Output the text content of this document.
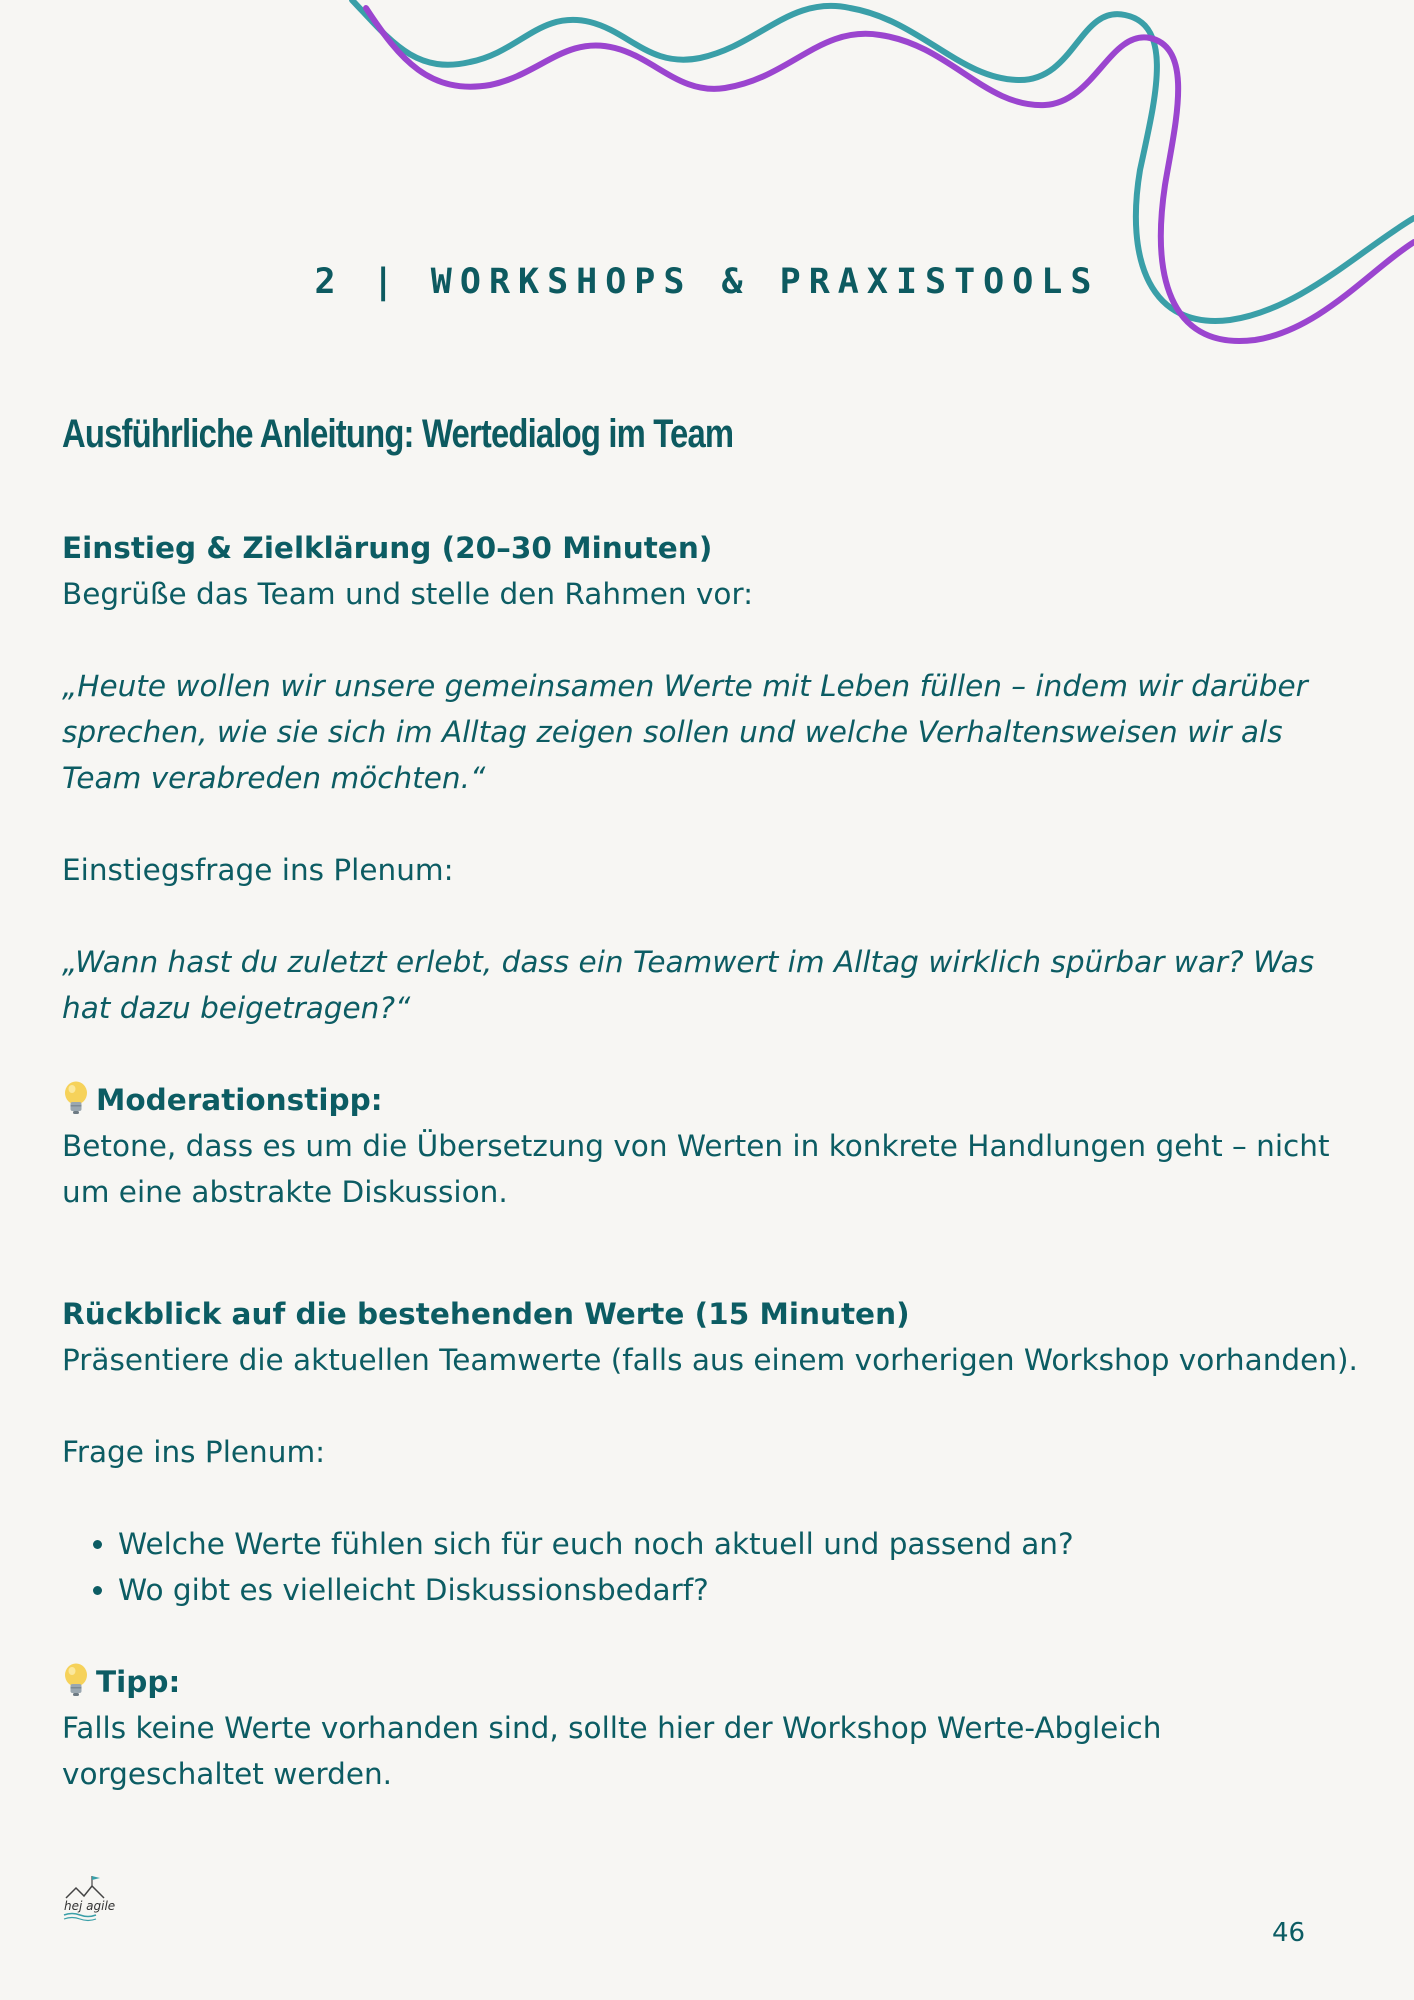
2 | WORKSHOPS & PRAXISTOOLS
Ausführliche Anleitung: Wertedialog im Team

Einstieg & Zielklärung (20–30 Minuten)

Begrüße das Team und stelle den Rahmen vor:

„Heute wollen wir unsere gemeinsamen Werte mit Leben füllen – indem wir darüber sprechen, wie sie sich im Alltag zeigen sollen und welche Verhaltensweisen wir als Team verabreden möchten.“

Einstiegsfrage ins Plenum:

„Wann hast du zuletzt erlebt, dass ein Teamwert im Alltag wirklich spürbar war? Was hat dazu beigetragen?“

Moderationstipp:

Betone, dass es um die Übersetzung von Werten in konkrete Handlungen geht – nicht um eine abstrakte Diskussion.

Rückblick auf die bestehenden Werte (15 Minuten)

Präsentiere die aktuellen Teamwerte (falls aus einem vorherigen Workshop vorhanden).

Frage ins Plenum:

• Welche Werte fühlen sich für euch noch aktuell und passend an?
• Wo gibt es vielleicht Diskussionsbedarf?

Tipp:

Falls keine Werte vorhanden sind, sollte hier der Workshop Werte-Abgleich vorgeschaltet werden.

hej agile
46
